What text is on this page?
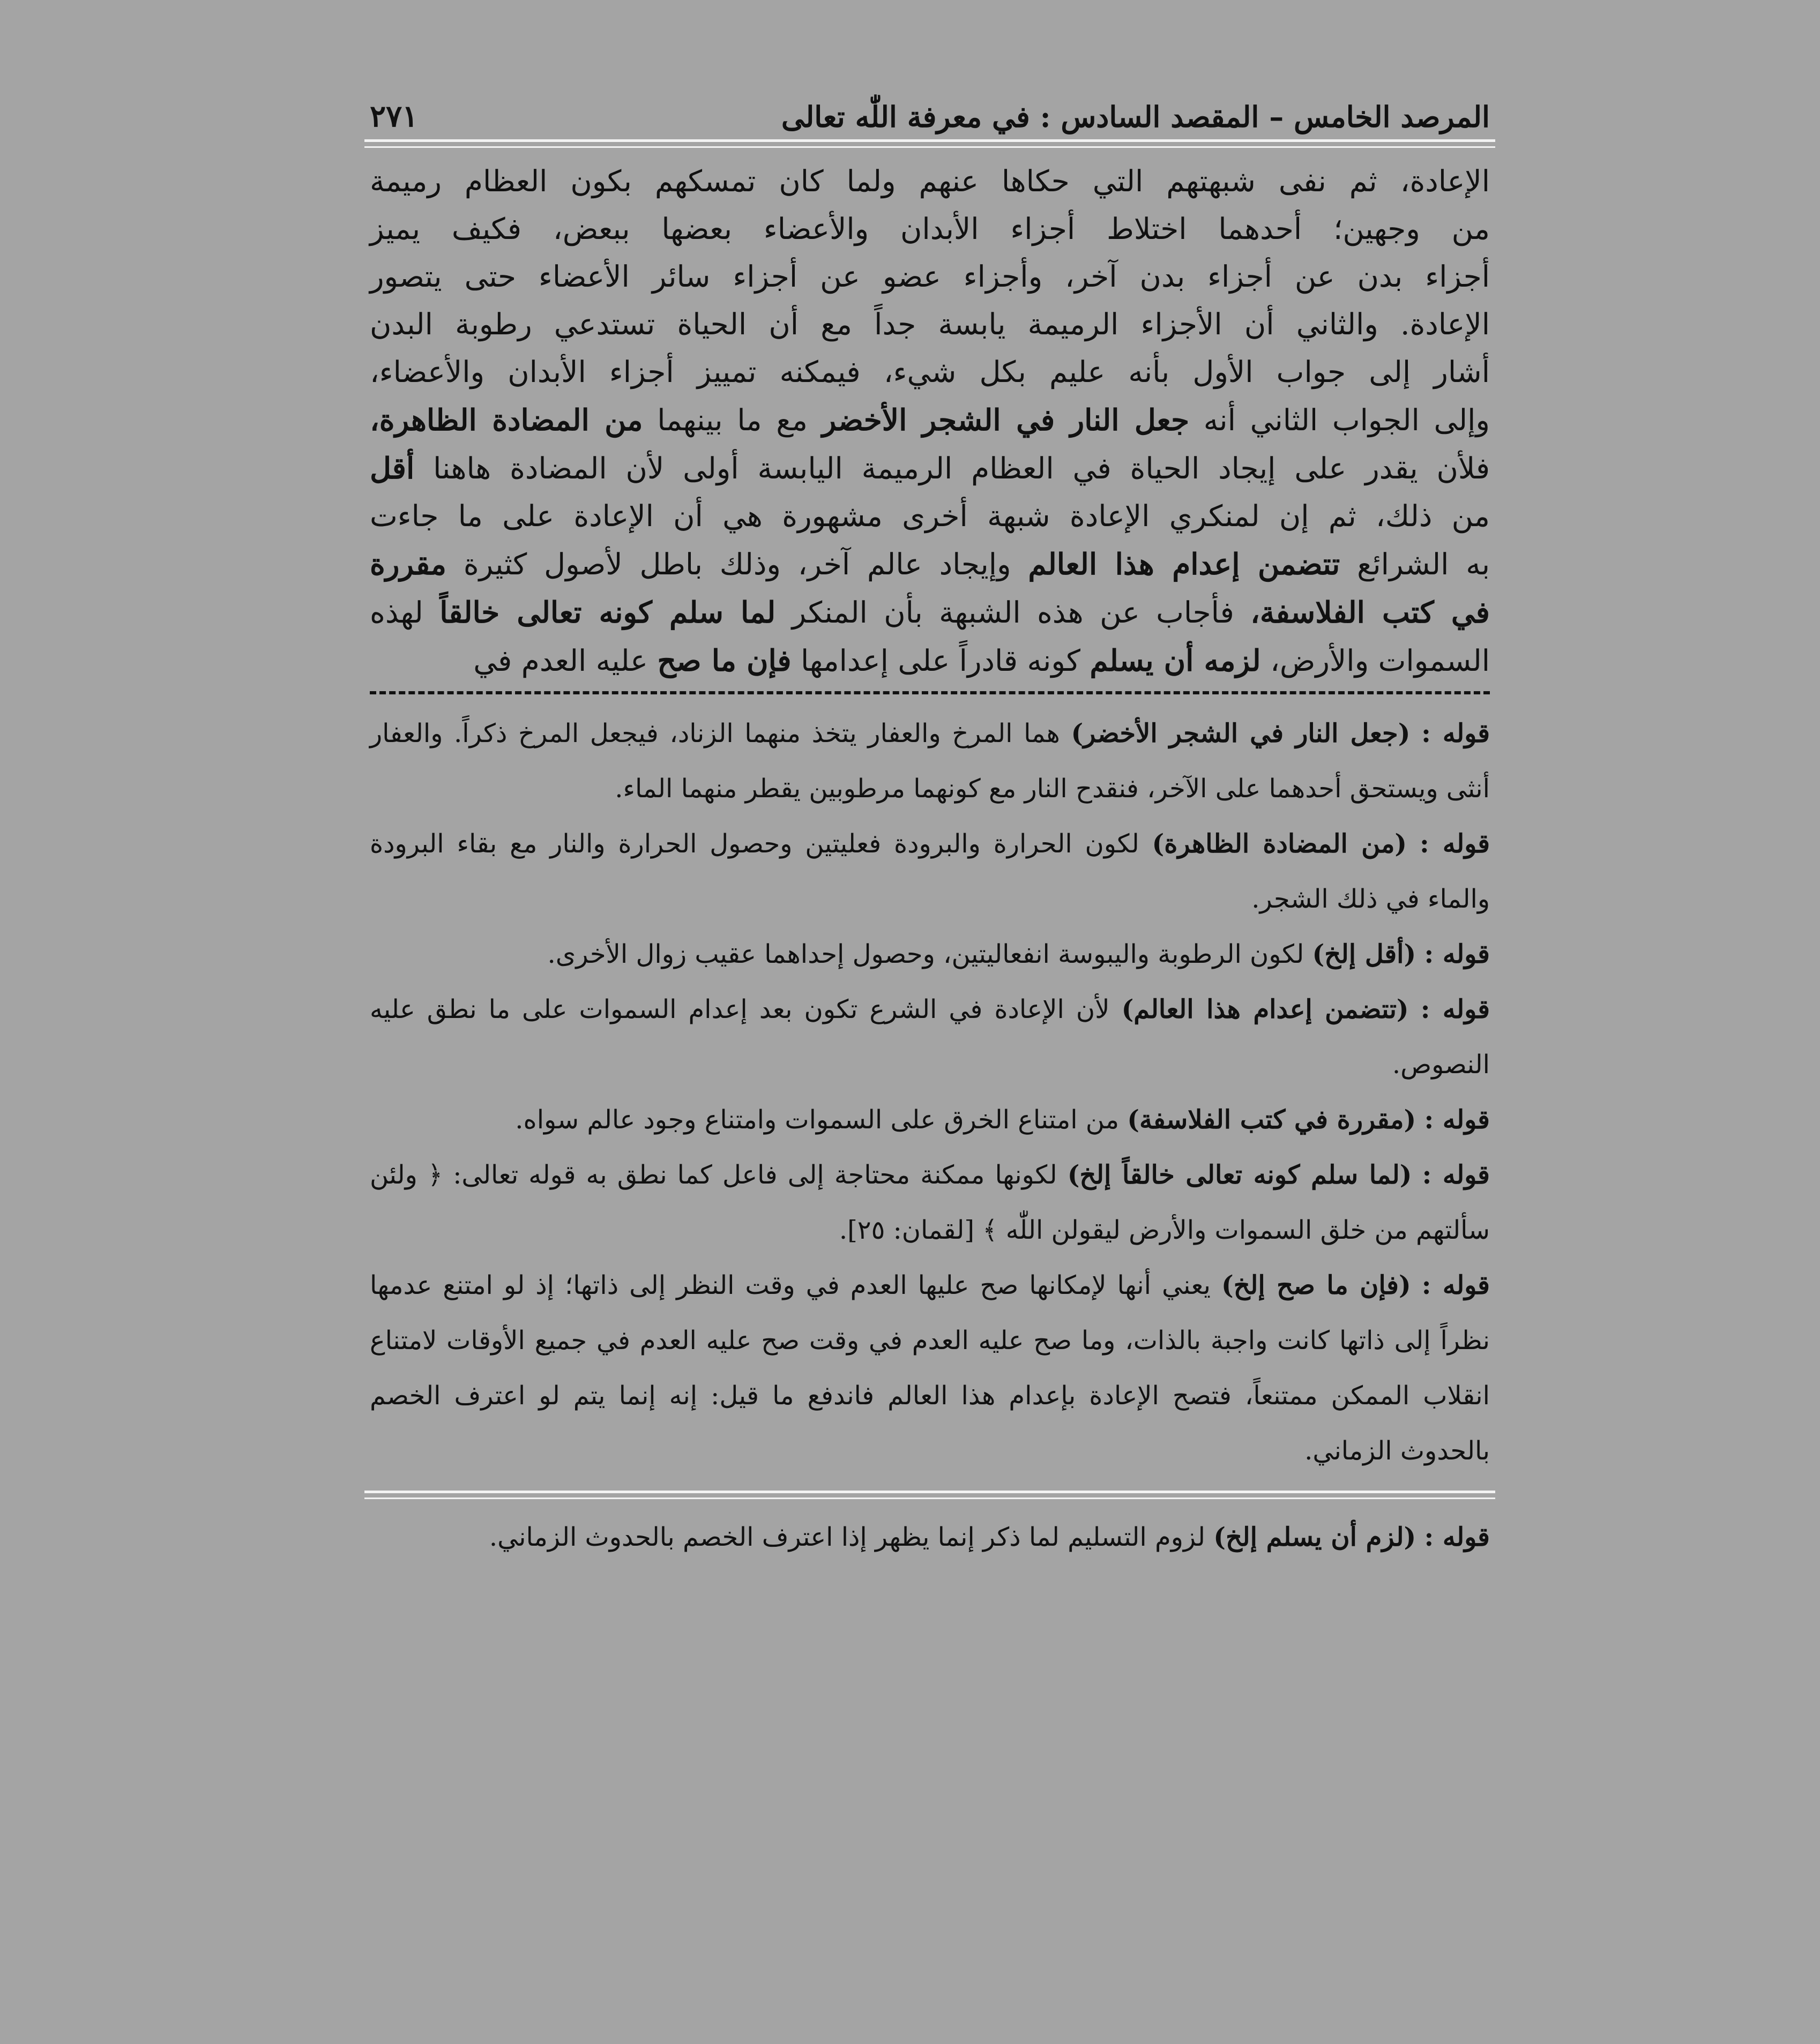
المرصد الخامس – المقصد السادس : في معرفة اللّٰه تعالى
٢٧١
الإعادة، ثم نفى شبهتهم التي حكاها عنهم ولما كان تمسكهم بكون العظام رميمة
من وجهين؛ أحدهما اختلاط أجزاء الأبدان والأعضاء بعضها ببعض، فكيف يميز
أجزاء بدن عن أجزاء بدن آخر، وأجزاء عضو عن أجزاء سائر الأعضاء حتى يتصور
الإعادة. والثاني أن الأجزاء الرميمة يابسة جداً مع أن الحياة تستدعي رطوبة البدن
أشار إلى جواب الأول بأنه عليم بكل شيء، فيمكنه تمييز أجزاء الأبدان والأعضاء،
وإلى الجواب الثاني أنه جعل النار في الشجر الأخضر مع ما بينهما من المضادة الظاهرة،
فلأن يقدر على إيجاد الحياة في العظام الرميمة اليابسة أولى لأن المضادة هاهنا أقل
من ذلك، ثم إن لمنكري الإعادة شبهة أخرى مشهورة هي أن الإعادة على ما جاءت
به الشرائع تتضمن إعدام هذا العالم وإيجاد عالم آخر، وذلك باطل لأصول كثيرة مقررة
في كتب الفلاسفة، فأجاب عن هذه الشبهة بأن المنكر لما سلم كونه تعالى خالقاً لهذه
السموات والأرض، لزمه أن يسلم كونه قادراً على إعدامها فإن ما صح عليه العدم في

قوله : (جعل النار في الشجر الأخضر) هما المرخ والعفار يتخذ منهما الزناد، فيجعل المرخ ذكراً. والعفار أنثى ويستحق أحدهما على الآخر، فنقدح النار مع كونهما مرطوبين يقطر منهما الماء.

قوله : (من المضادة الظاهرة) لكون الحرارة والبرودة فعليتين وحصول الحرارة والنار مع بقاء البرودة والماء في ذلك الشجر.

قوله : (أقل إلخ) لكون الرطوبة واليبوسة انفعاليتين، وحصول إحداهما عقيب زوال الأخرى.

قوله : (تتضمن إعدام هذا العالم) لأن الإعادة في الشرع تكون بعد إعدام السموات على ما نطق عليه النصوص.

قوله : (مقررة في كتب الفلاسفة) من امتناع الخرق على السموات وامتناع وجود عالم سواه.

قوله : (لما سلم كونه تعالى خالقاً إلخ) لكونها ممكنة محتاجة إلى فاعل كما نطق به قوله تعالى: ﴿ ولئن سألتهم من خلق السموات والأرض ليقولن اللّٰه ﴾ [لقمان: ٢٥].

قوله : (فإن ما صح إلخ) يعني أنها لإمكانها صح عليها العدم في وقت النظر إلى ذاتها؛ إذ لو امتنع عدمها نظراً إلى ذاتها كانت واجبة بالذات، وما صح عليه العدم في وقت صح عليه العدم في جميع الأوقات لامتناع انقلاب الممكن ممتنعاً، فتصح الإعادة بإعدام هذا العالم فاندفع ما قيل: إنه إنما يتم لو اعترف الخصم بالحدوث الزماني.

قوله : (لزم أن يسلم إلخ) لزوم التسليم لما ذكر إنما يظهر إذا اعترف الخصم بالحدوث الزماني.
